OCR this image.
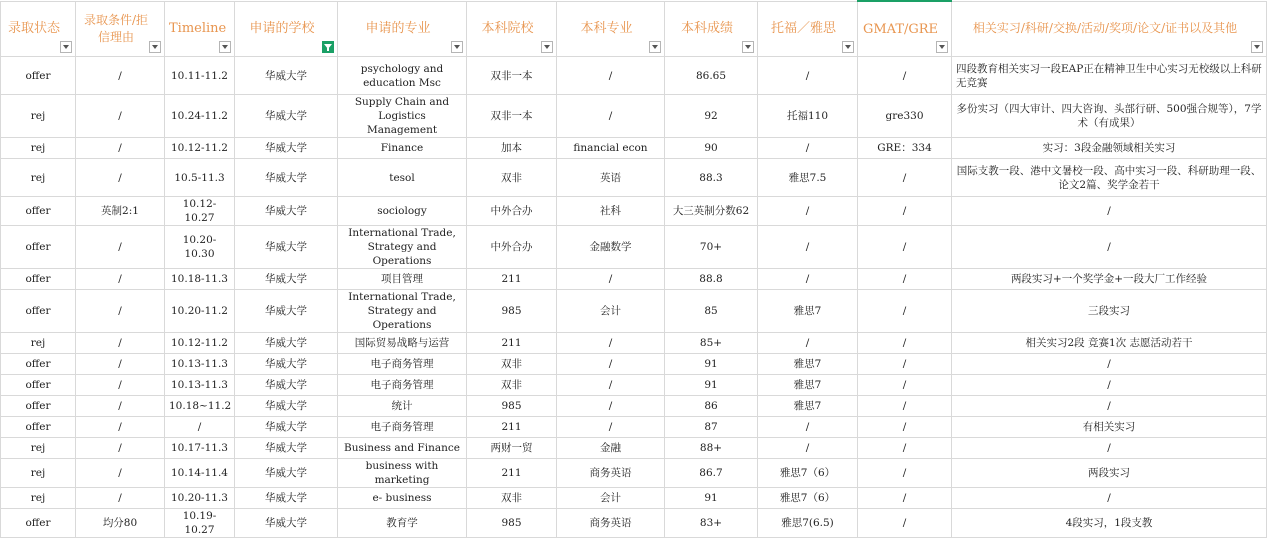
录取状态	录取条件/拒信理由	Timeline	申请的学校	申请的专业	本科院校	本科专业	本科成绩	托福／雅思	GMAT/GRE	相关实习/科研/交换/活动/奖项/论文/证书以及其他

offer	/	10.11-11.2	华威大学	psychology and education Msc	双非一本	/	86.65	/	/	四段教育相关实习一段EAP正在精神卫生中心实习无校级以上科研无竞赛
rej	/	10.24-11.2	华威大学	Supply Chain and Logistics Management	双非一本	/	92	托福110	gre330	多份实习（四大审计、四大咨询、头部行研、500强合规等），7学术（有成果）
rej	/	10.12-11.2	华威大学	Finance	加本	financial econ	90	/	GRE：334	实习：3段金融领域相关实习
rej	/	10.5-11.3	华威大学	tesol	双非	英语	88.3	雅思7.5	/	国际支教一段、港中文暑校一段、高中实习一段、科研助理一段、论文2篇、奖学金若干
offer	英制2:1	10.12-10.27	华威大学	sociology	中外合办	社科	大三英制分数62	/	/	/
offer	/	10.20-10.30	华威大学	International Trade, Strategy and Operations	中外合办	金融数学	70+	/	/	/
offer	/	10.18-11.3	华威大学	项目管理	211	/	88.8	/	/	两段实习+一个奖学金+一段大厂工作经验
offer	/	10.20-11.2	华威大学	International Trade, Strategy and Operations	985	会计	85	雅思7	/	三段实习
rej	/	10.12-11.2	华威大学	国际贸易战略与运营	211	/	85+	/	/	相关实习2段 竞赛1次 志愿活动若干
offer	/	10.13-11.3	华威大学	电子商务管理	双非	/	91	雅思7	/	/
offer	/	10.13-11.3	华威大学	电子商务管理	双非	/	91	雅思7	/	/
offer	/	10.18~11.2	华威大学	统计	985	/	86	雅思7	/	/
offer	/	/	华威大学	电子商务管理	211	/	87	/	/	有相关实习
rej	/	10.17-11.3	华威大学	Business and Finance	两财一贸	金融	88+	/	/	/
rej	/	10.14-11.4	华威大学	business with marketing	211	商务英语	86.7	雅思7（6）	/	两段实习
rej	/	10.20-11.3	华威大学	e- business	双非	会计	91	雅思7（6）	/	/
offer	均分80	10.19-10.27	华威大学	教育学	985	商务英语	83+	雅思7(6.5)	/	4段实习，1段支教
